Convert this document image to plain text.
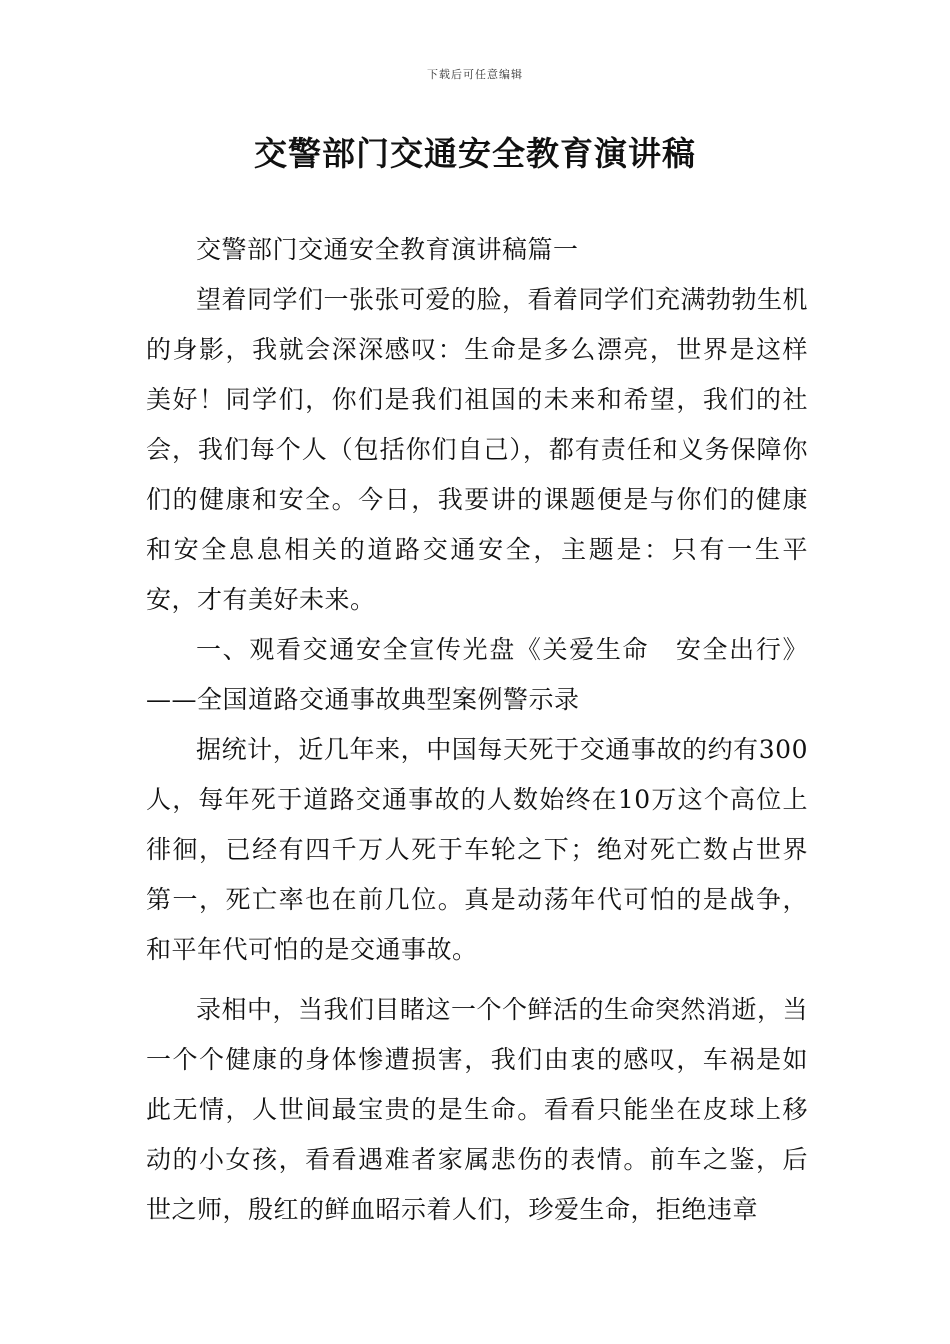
下载后可任意编辑
交警部门交通安全教育演讲稿

交警部门交通安全教育演讲稿篇一

望着同学们一张张可爱的脸，看着同学们充满勃勃生机的身影，我就会深深感叹：生命是多么漂亮，世界是这样美好！同学们，你们是我们祖国的未来和希望，我们的社会，我们每个人（包括你们自己），都有责任和义务保障你们的健康和安全。今日，我要讲的课题便是与你们的健康和安全息息相关的道路交通安全，主题是：只有一生平安，才有美好未来。

一、观看交通安全宣传光盘《关爱生命　安全出行》——全国道路交通事故典型案例警示录

据统计，近几年来，中国每天死于交通事故的约有300人，每年死于道路交通事故的人数始终在10万这个高位上徘徊，已经有四千万人死于车轮之下；绝对死亡数占世界第一，死亡率也在前几位。真是动荡年代可怕的是战争，和平年代可怕的是交通事故。

录相中，当我们目睹这一个个鲜活的生命突然消逝，当一个个健康的身体惨遭损害，我们由衷的感叹，车祸是如此无情，人世间最宝贵的是生命。看看只能坐在皮球上移动的小女孩，看看遇难者家属悲伤的表情。前车之鉴，后世之师，殷红的鲜血昭示着人们，珍爱生命，拒绝违章
